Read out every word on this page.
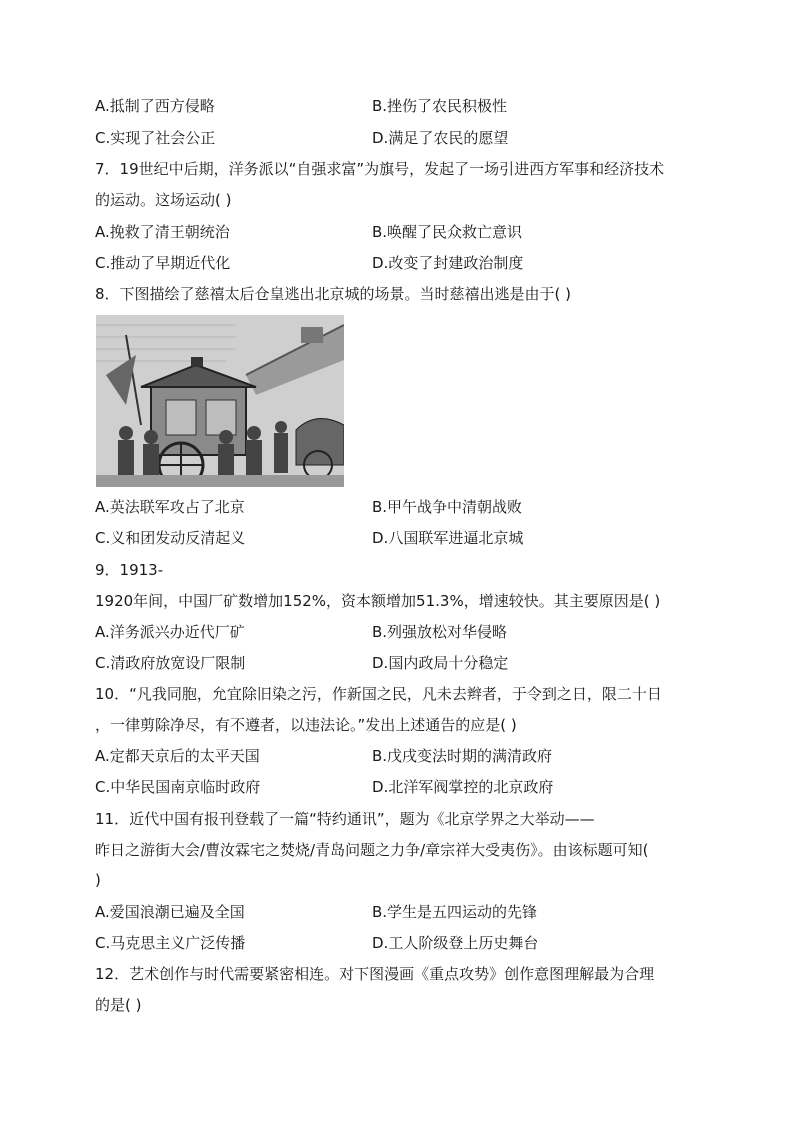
A.抵制了西方侵略	B.挫伤了农民积极性
C.实现了社会公正	D.满足了农民的愿望
7．19世纪中后期，洋务派以“自强求富”为旗号，发起了一场引进西方军事和经济技术
的运动。这场运动( )
A.挽救了清王朝统治	B.唤醒了民众救亡意识
C.推动了早期近代化	D.改变了封建政治制度
8．下图描绘了慈禧太后仓皇逃出北京城的场景。当时慈禧出逃是由于( )
A.英法联军攻占了北京	B.甲午战争中清朝战败
C.义和团发动反清起义	D.八国联军进逼北京城
9．1913-
1920年间，中国厂矿数增加152%，资本额增加51.3%，增速较快。其主要原因是( )
A.洋务派兴办近代厂矿	B.列强放松对华侵略
C.清政府放宽设厂限制	D.国内政局十分稳定
10．“凡我同胞，允宜除旧染之污，作新国之民，凡未去辫者，于令到之日，限二十日
，一律剪除净尽，有不遵者，以违法论。”发出上述通告的应是( )
A.定都天京后的太平天国	B.戊戌变法时期的满清政府
C.中华民国南京临时政府	D.北洋军阀掌控的北京政府
11．近代中国有报刊登载了一篇“特约通讯”，题为《北京学界之大举动——
昨日之游街大会/曹汝霖宅之焚烧/青岛问题之力争/章宗祥大受夷伤》。由该标题可知(
)
A.爱国浪潮已遍及全国	B.学生是五四运动的先锋
C.马克思主义广泛传播	D.工人阶级登上历史舞台
12．艺术创作与时代需要紧密相连。对下图漫画《重点攻势》创作意图理解最为合理
的是( )
